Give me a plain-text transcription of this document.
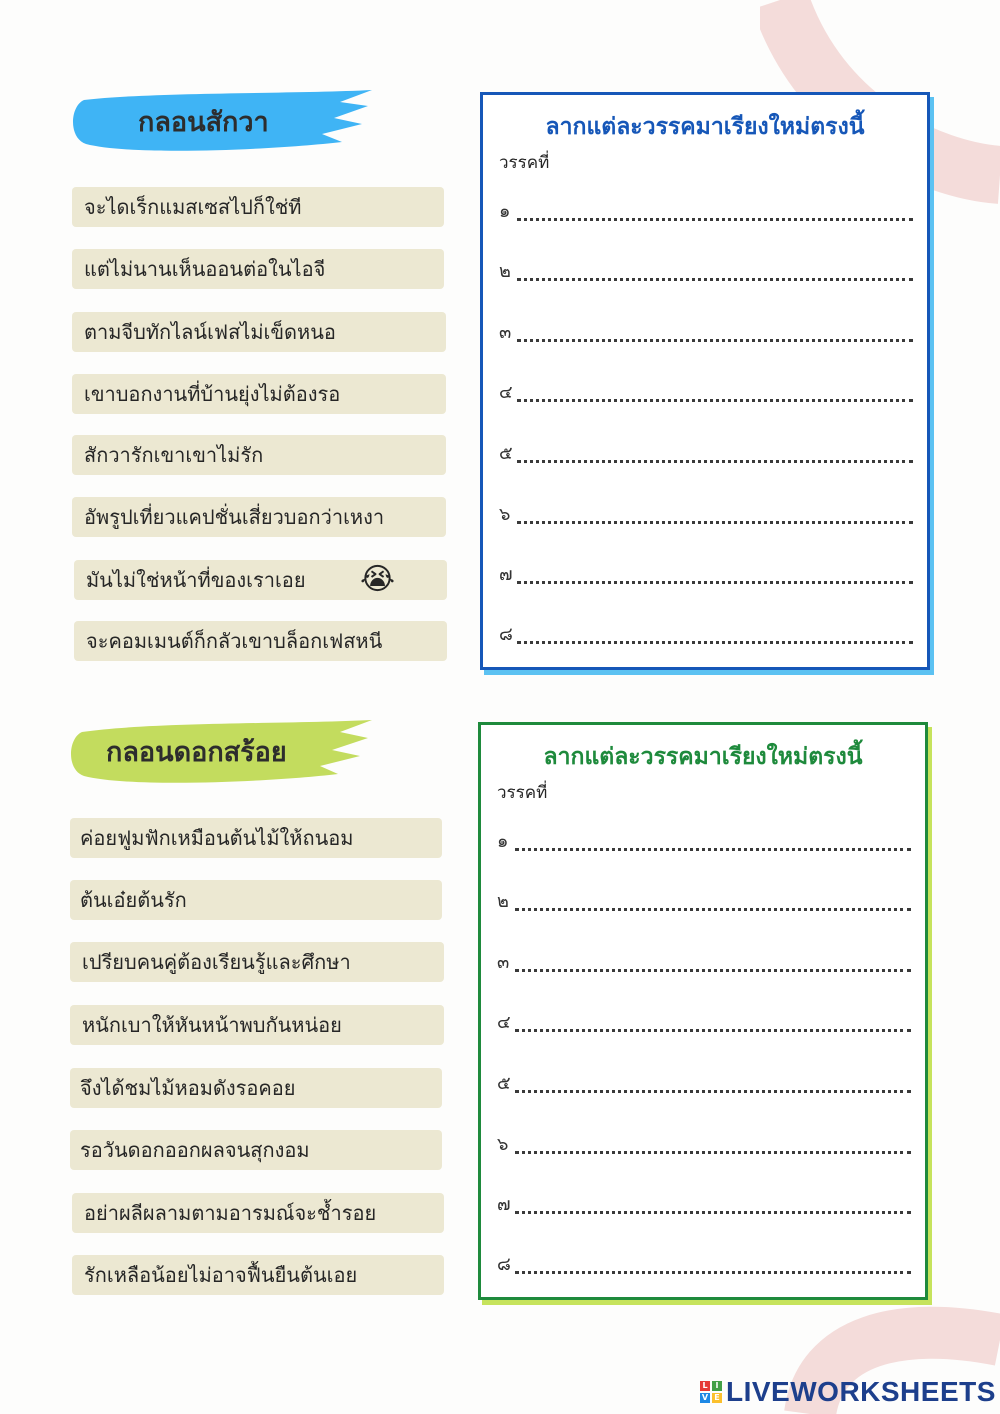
กลอนสักวา
จะไดเร็กแมสเซสไปก็ใช่ที
แต่ไม่นานเห็นออนต่อในไอจี
ตามจีบทักไลน์เฟสไม่เข็ดหนอ
เขาบอกงานที่บ้านยุ่งไม่ต้องรอ
สักวารักเขาเขาไม่รัก
อัพรูปเที่ยวแคปชั่นเสี่ยวบอกว่าเหงา
มันไม่ใช่หน้าที่ของเราเอย 😭
จะคอมเมนต์ก็กลัวเขาบล็อกเฟสหนี
ลากแต่ละวรรคมาเรียงใหม่ตรงนี้
วรรคที่
๑
๒
๓
๔
๕
๖
๗
๘
กลอนดอกสร้อย
ค่อยฟูมฟักเหมือนต้นไม้ให้ถนอม
ต้นเอ๋ยต้นรัก
เปรียบคนคู่ต้องเรียนรู้และศึกษา
หนักเบาให้หันหน้าพบกันหน่อย
จึงได้ชมไม้หอมดังรอคอย
รอวันดอกออกผลจนสุกงอม
อย่าผลีผลามตามอารมณ์จะช้ำรอย
รักเหลือน้อยไม่อาจฟื้นยืนต้นเอย
ลากแต่ละวรรคมาเรียงใหม่ตรงนี้
วรรคที่
๑
๒
๓
๔
๕
๖
๗
๘
L I
V E LIVEWORKSHEETS
